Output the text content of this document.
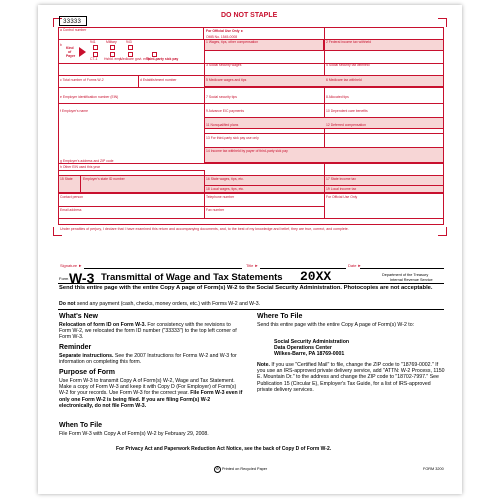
33333
DO NOT STAPLE
a Control number	For Official Use Only ►
OMB No. 1545-0008
b
Kind
of
Payer
941	Military	943
Hshld. emp.
Medicare govt. emp.
Third-party sick pay
CT-1
1 Wages, tips, other compensation	2 Federal income tax withheld
3 Social security wages	4 Social security tax withheld
c Total number of Forms W-2	d Establishment number	5 Medicare wages and tips	6 Medicare tax withheld
e Employer identification number (EIN)	7 Social security tips	8 Allocated tips
f Employer's name	9 Advance EIC payments	10 Dependent care benefits
11 Nonqualified plans	12 Deferred compensation
13 For third-party sick pay use only
14 Income tax withheld by payer of third-party sick pay
g Employer's address and ZIP code
h Other EIN used this year
15 State	Employer's state ID number	16 State wages, tips, etc.	17 State income tax
18 Local wages, tips, etc.	19 Local income tax
Contact person	Telephone number	For Official Use Only
Email address	Fax number
Under penalties of perjury, I declare that I have examined this return and accompanying documents, and, to the best of my knowledge and belief, they are true, correct, and complete.
Signature ►	Title ►	Date ►
Form W-3 Transmittal of Wage and Tax Statements 20XX	Department of the Treasury
Internal Revenue Service
Send this entire page with the entire Copy A page of Form(s) W-2 to the Social Security Administration. Photocopies are not acceptable.
Do not send any payment (cash, checks, money orders, etc.) with Forms W-2 and W-3.
What's New
Relocation of form ID on Form W-3. For consistency with the revisions to Form W-2, we relocated the form ID number ("33333") to the top left corner of Form W-3.
Reminder
Separate instructions. See the 2007 Instructions for Forms W-2 and W-3 for information on completing this form.
Purpose of Form
Use Form W-3 to transmit Copy A of Form(s) W-2, Wage and Tax Statement. Make a copy of Form W-3 and keep it with Copy D (For Employer) of Form(s) W-2 for your records. Use Form W-3 for the correct year. File Form W-3 even if only one Form W-2 is being filed. If you are filing Form(s) W-2 electronically, do not file Form W-3.
When To File
File Form W-3 with Copy A of Form(s) W-2 by February 29, 2008.
Where To File
Send this entire page with the entire Copy A page of Form(s) W-2 to:
Social Security Administration
Data Operations Center
Wilkes-Barre, PA 18769-0001
Note. If you use "Certified Mail" to file, change the ZIP code to "18769-0002." If you use an IRS-approved private delivery service, add "ATTN: W-2 Process, 1150 E. Mountain Dr." to the address and change the ZIP code to "18702-7997." See Publication 15 (Circular E), Employer's Tax Guide, for a list of IRS-approved private delivery services.
For Privacy Act and Paperwork Reduction Act Notice, see the back of Copy D of Form W-2.
♻ Printed on Recycled Paper	FORM 3200
